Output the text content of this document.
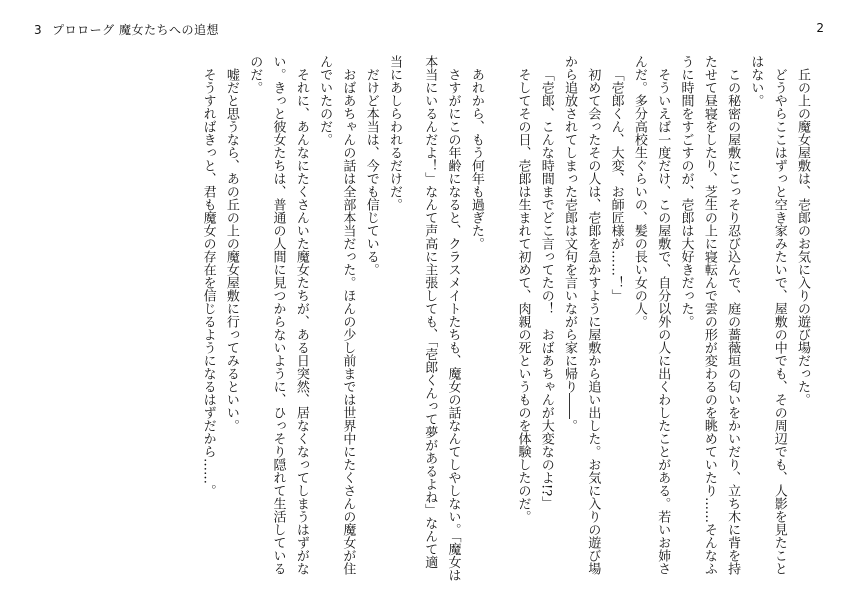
3 プロローグ 魔女たちへの追想	2

丘の上の魔女屋敷は、壱郎のお気に入りの遊び場だった。

どうやらここはずっと空き家みたいで、屋敷の中でも、その周辺でも、人影を見たことはない。

この秘密の屋敷にこっそり忍び込んで、庭の薔薇垣の匂いをかいだり、立ち木に背を持たせて昼寝をしたり、芝生の上に寝転んで雲の形が変わるのを眺めていたり……そんなふうに時間をすごすのが、壱郎は大好きだった。

そういえば一度だけ、この屋敷で、自分以外の人に出くわしたことがある。若いお姉さんだ。多分高校生ぐらいの、髪の長い女の人。

「壱郎くん、大変、お師匠様が……！」

初めて会ったその人は、壱郎を急かすように屋敷から追い出した。お気に入りの遊び場から追放されてしまった壱郎は文句を言いながら家に帰り――。

「壱郎、こんな時間までどこ言ってたの！　おばあちゃんが大変なのよ!?」

そしてその日、壱郎は生まれて初めて、肉親の死というものを体験したのだ。

あれから、もう何年も過ぎた。

さすがにこの年齢になると、クラスメイトたちも、魔女の話なんてしやしない。「魔女は本当にいるんだよ！」なんて声高に主張しても、「壱郎くんって夢があるよね」なんて適

当にあしらわれるだけだ。

だけど本当は、今でも信じている。

おばあちゃんの話は全部本当だった。ほんの少し前までは世界中にたくさんの魔女が住んでいたのだ。

それに、あんなにたくさんいた魔女たちが、ある日突然、居なくなってしまうはずがない。きっと彼女たちは、普通の人間に見つからないように、ひっそり隠れて生活しているのだ。

嘘だと思うなら、あの丘の上の魔女屋敷に行ってみるといい。

そうすればきっと、君も魔女の存在を信じるようになるはずだから……。
